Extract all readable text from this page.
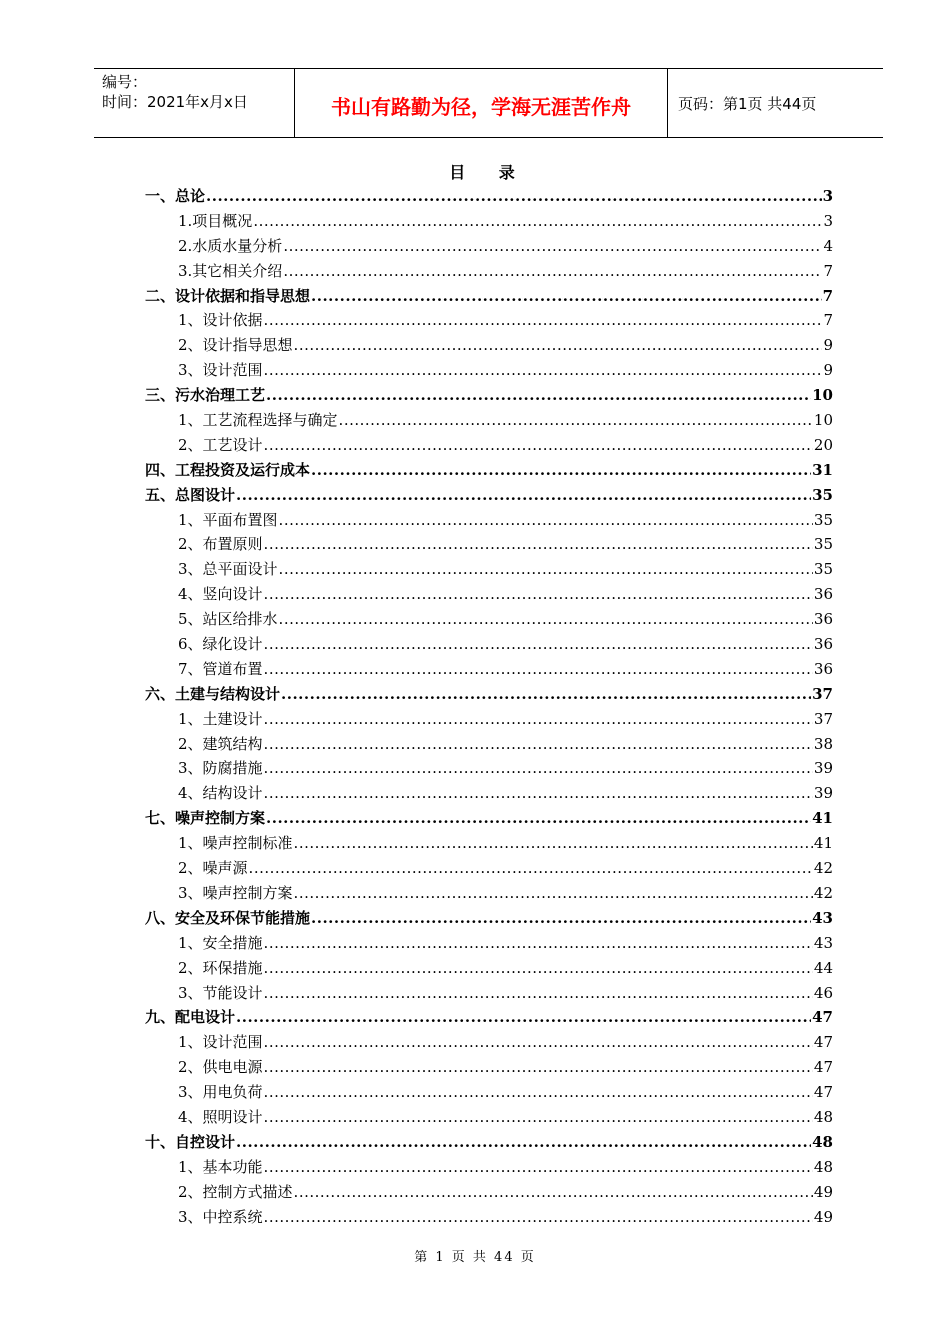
编号：
时间：2021年x月x日	书山有路勤为径，学海无涯苦作舟	页码：第1页 共44页
目 录
一、总论 .....	3
1.项目概况 .....	3
2.水质水量分析 .....	4
3.其它相关介绍 .....	7
二、设计依据和指导思想 .....	7
1、设计依据 .....	7
2、设计指导思想 .....	9
3、设计范围 .....	9
三、污水治理工艺 .....	10
1、工艺流程选择与确定 .....	10
2、工艺设计 .....	20
四、工程投资及运行成本 .....	31
五、总图设计 .....	35
1、平面布置图 .....	35
2、布置原则 .....	35
3、总平面设计 .....	35
4、竖向设计 .....	36
5、站区给排水 .....	36
6、绿化设计 .....	36
7、管道布置 .....	36
六、土建与结构设计 .....	37
1、土建设计 .....	37
2、建筑结构 .....	38
3、防腐措施 .....	39
4、结构设计 .....	39
七、噪声控制方案 .....	41
1、噪声控制标准 .....	41
2、噪声源 .....	42
3、噪声控制方案 .....	42
八、安全及环保节能措施 .....	43
1、安全措施 .....	43
2、环保措施 .....	44
3、节能设计 .....	46
九、配电设计 .....	47
1、设计范围 .....	47
2、供电电源 .....	47
3、用电负荷 .....	47
4、照明设计 .....	48
十、自控设计 .....	48
1、基本功能 .....	48
2、控制方式描述 .....	49
3、中控系统 .....	49
第 1 页 共 44 页
